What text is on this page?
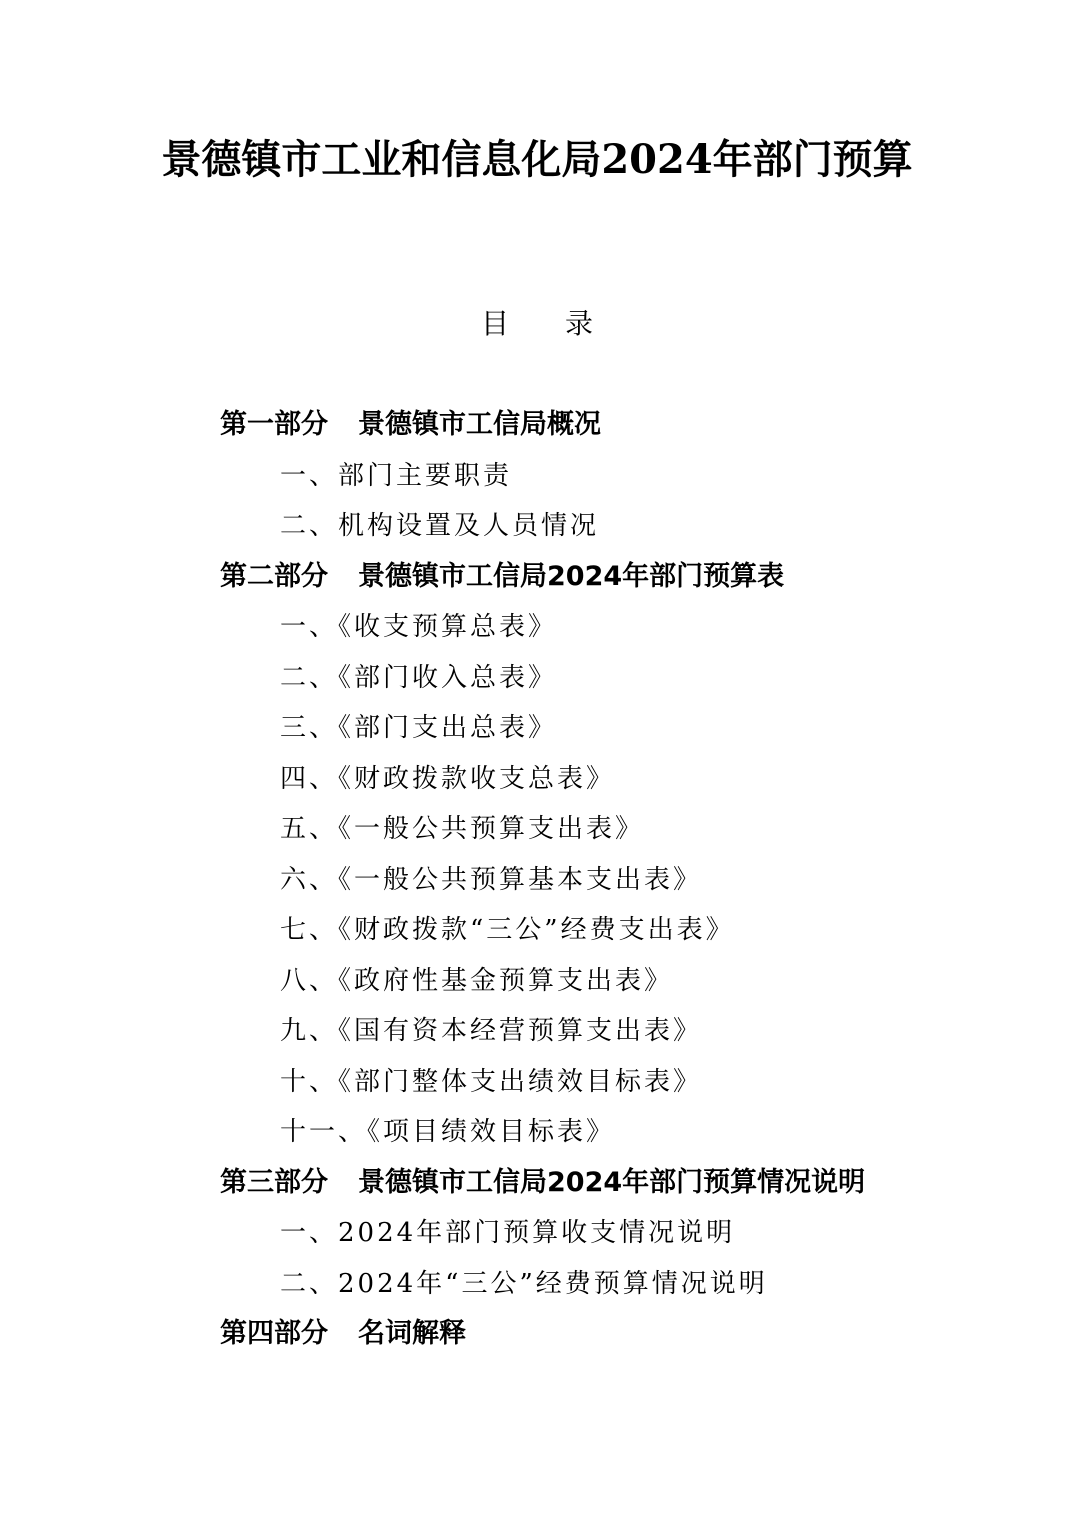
景德镇市工业和信息化局2024年部门预算
目录
第一部分 景德镇市工信局概况
一、部门主要职责
二、机构设置及人员情况
第二部分 景德镇市工信局2024年部门预算表
一、《收支预算总表》
二、《部门收入总表》
三、《部门支出总表》
四、《财政拨款收支总表》
五、《一般公共预算支出表》
六、《一般公共预算基本支出表》
七、《财政拨款“三公”经费支出表》
八、《政府性基金预算支出表》
九、《国有资本经营预算支出表》
十、《部门整体支出绩效目标表》
十一、《项目绩效目标表》
第三部分 景德镇市工信局2024年部门预算情况说明
一、2024年部门预算收支情况说明
二、2024年“三公”经费预算情况说明
第四部分 名词解释
